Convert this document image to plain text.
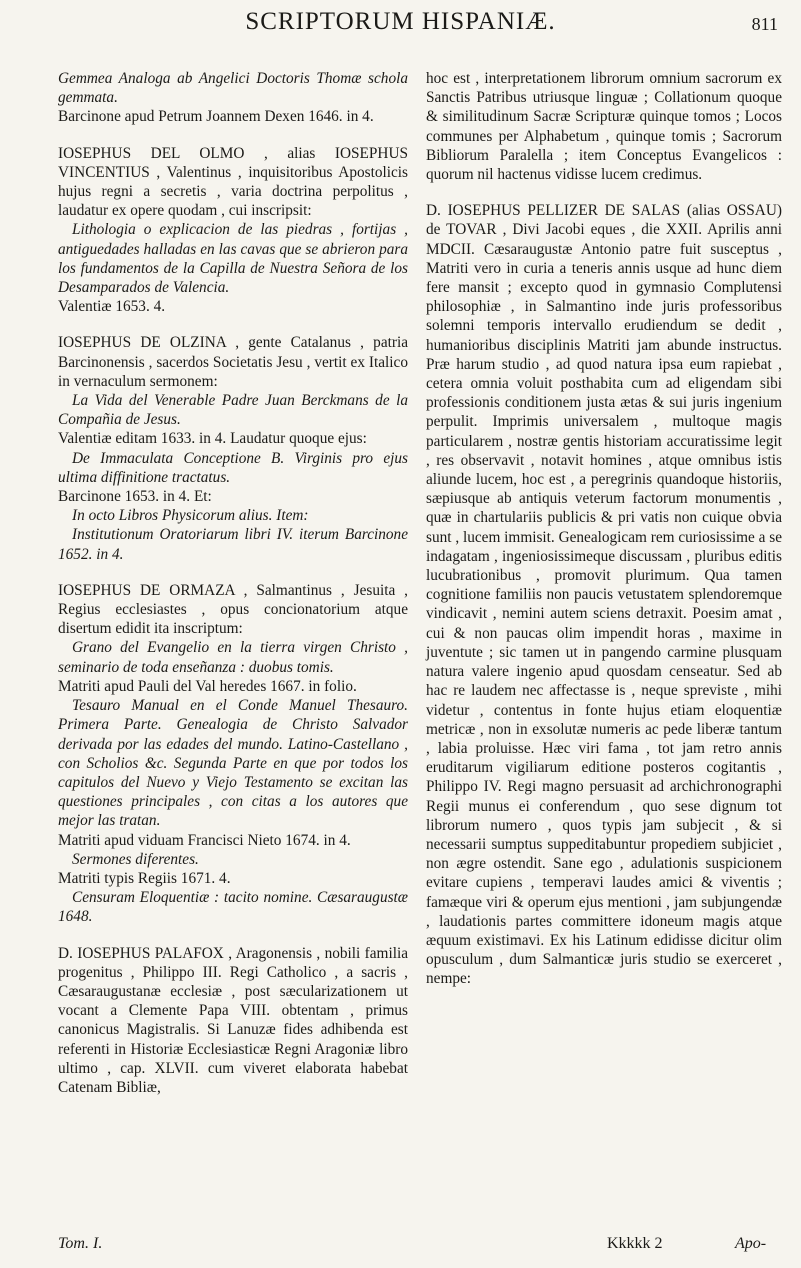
SCRIPTORUM HISPANIÆ.	811

Gemmea Analoga ab Angelici Doctoris Thomæ schola gemmata.

Barcinone apud Petrum Joannem Dexen 1646. in 4.

IOSEPHUS DEL OLMO , alias IOSEPHUS VINCENTIUS , Valentinus , inquisitoribus Apostolicis hujus regni a secretis , varia doctrina perpolitus , laudatur ex opere quodam , cui inscripsit:

Lithologia o explicacion de las piedras , fortijas , antiguedades halladas en las cavas que se abrieron para los fundamentos de la Capilla de Nuestra Señora de los Desamparados de Valencia.

Valentiæ 1653. 4.

IOSEPHUS DE OLZINA , gente Catalanus , patria Barcinonensis , sacerdos Societatis Jesu , vertit ex Italico in vernaculum sermonem:

La Vida del Venerable Padre Juan Berckmans de la Compañia de Jesus.

Valentiæ editam 1633. in 4. Laudatur quoque ejus:

De Immaculata Conceptione B. Virginis pro ejus ultima diffinitione tractatus.

Barcinone 1653. in 4. Et:

In octo Libros Physicorum alius. Item:

Institutionum Oratoriarum libri IV. iterum Barcinone 1652. in 4.

IOSEPHUS DE ORMAZA , Salmantinus , Jesuita , Regius ecclesiastes , opus concionatorium atque disertum edidit ita inscriptum:

Grano del Evangelio en la tierra virgen Christo , seminario de toda enseñanza : duobus tomis.

Matriti apud Pauli del Val heredes 1667. in folio.

Tesauro Manual en el Conde Manuel Thesauro. Primera Parte. Genealogia de Christo Salvador derivada por las edades del mundo. Latino-Castellano , con Scholios &c. Segunda Parte en que por todos los capitulos del Nuevo y Viejo Testamento se excitan las questiones principales , con citas a los autores que mejor las tratan.

Matriti apud viduam Francisci Nieto 1674. in 4.

Sermones diferentes.

Matriti typis Regiis 1671. 4.

Censuram Eloquentiæ : tacito nomine. Cæsaraugustæ 1648.

D. IOSEPHUS PALAFOX , Aragonensis , nobili familia progenitus , Philippo III. Regi Catholico , a sacris , Cæsaraugustanæ ecclesiæ , post sæcularizationem ut vocant a Clemente Papa VIII. obtentam , primus canonicus Magistralis. Si Lanuzæ fides adhibenda est referenti in Historiæ Ecclesiasticæ Regni Aragoniæ libro ultimo , cap. XLVII. cum viveret elaborata habebat Catenam Bibliæ,

hoc est , interpretationem librorum omnium sacrorum ex Sanctis Patribus utriusque linguæ ; Collationum quoque & similitudinum Sacræ Scripturæ quinque tomos ; Locos communes per Alphabetum , quinque tomis ; Sacrorum Bibliorum Paralella ; item Conceptus Evangelicos : quorum nil hactenus vidisse lucem credimus.

D. IOSEPHUS PELLIZER DE SALAS (alias OSSAU) de TOVAR , Divi Jacobi eques , die XXII. Aprilis anni MDCII. Cæsaraugustæ Antonio patre fuit susceptus , Matriti vero in curia a teneris annis usque ad hunc diem fere mansit ; excepto quod in gymnasio Complutensi philosophiæ , in Salmantino inde juris professoribus solemni temporis intervallo erudiendum se dedit , humanioribus disciplinis Matriti jam abunde instructus. Præ harum studio , ad quod natura ipsa eum rapiebat , cetera omnia voluit posthabita cum ad eligendam sibi professionis conditionem justa ætas & sui juris ingenium perpulit. Imprimis universalem , multoque magis particularem , nostræ gentis historiam accuratissime legit , res observavit , notavit homines , atque omnibus istis aliunde lucem, hoc est , a peregrinis quandoque historiis, sæpiusque ab antiquis veterum factorum monumentis , quæ in chartulariis publicis & pri vatis non cuique obvia sunt , lucem immisit. Genealogicam rem curiosissime a se indagatam , ingeniosissimeque discussam , pluribus editis lucubrationibus , promovit plurimum. Qua tamen cognitione familiis non paucis vetustatem splendoremque vindicavit , nemini autem sciens detraxit. Poesim amat , cui & non paucas olim impendit horas , maxime in juventute ; sic tamen ut in pangendo carmine plusquam natura valere ingenio apud quosdam censeatur. Sed ab hac re laudem nec affectasse is , neque spreviste , mihi videtur , contentus in fonte hujus etiam eloquentiæ metricæ , non in exsolutæ numeris ac pede liberæ tantum , labia proluisse. Hæc viri fama , tot jam retro annis eruditarum vigiliarum editione posteros cogitantis , Philippo IV. Regi magno persuasit ad archichronographi Regii munus ei conferendum , quo sese dignum tot librorum numero , quos typis jam subjecit , & si necessarii sumptus suppeditabuntur propediem subjiciet , non ægre ostendit. Sane ego , adulationis suspicionem evitare cupiens , temperavi laudes amici & viventis ; famæque viri & operum ejus mentioni , jam subjungendæ , laudationis partes committere idoneum magis atque æquum existimavi. Ex his Latinum edidisse dicitur olim opusculum , dum Salmanticæ juris studio se exerceret , nempe:

Tom. I.	Kkkkk 2	Apo-
